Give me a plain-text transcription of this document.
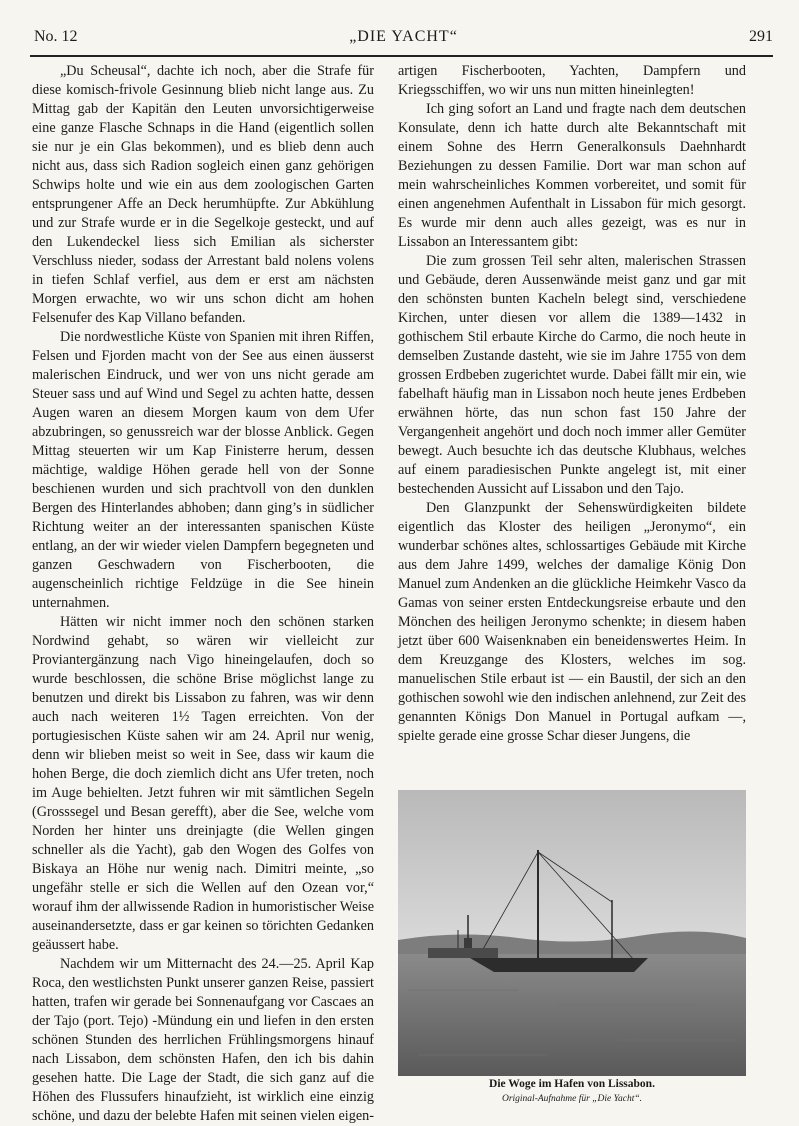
No. 12	„DIE YACHT“	291

„Du Scheusal“, dachte ich noch, aber die Strafe für diese komisch-frivole Gesinnung blieb nicht lange aus. Zu Mittag gab der Kapitän den Leuten unvorsichtigerweise eine ganze Flasche Schnaps in die Hand (eigentlich sollen sie nur je ein Glas bekommen), und es blieb denn auch nicht aus, dass sich Radion sogleich einen ganz gehörigen Schwips holte und wie ein aus dem zoologischen Garten entsprungener Affe an Deck herumhüpfte. Zur Abkühlung und zur Strafe wurde er in die Segelkoje gesteckt, und auf den Lukendeckel liess sich Emilian als sicherster Verschluss nieder, sodass der Arrestant bald nolens volens in tiefen Schlaf verfiel, aus dem er erst am nächsten Morgen erwachte, wo wir uns schon dicht am hohen Felsenufer des Kap Villano befanden.

Die nordwestliche Küste von Spanien mit ihren Riffen, Felsen und Fjorden macht von der See aus einen äusserst malerischen Eindruck, und wer von uns nicht gerade am Steuer sass und auf Wind und Segel zu achten hatte, dessen Augen waren an diesem Morgen kaum von dem Ufer abzubringen, so genussreich war der blosse Anblick. Gegen Mittag steuerten wir um Kap Finisterre herum, dessen mächtige, waldige Höhen gerade hell von der Sonne beschienen wurden und sich prachtvoll von den dunklen Bergen des Hinterlandes abhoben; dann ging’s in südlicher Richtung weiter an der interessanten spanischen Küste entlang, an der wir wieder vielen Dampfern begegneten und ganzen Geschwadern von Fischerbooten, die augenscheinlich richtige Feldzüge in die See hinein unternahmen.

Hätten wir nicht immer noch den schönen starken Nordwind gehabt, so wären wir vielleicht zur Proviantergänzung nach Vigo hineingelaufen, doch so wurde beschlossen, die schöne Brise möglichst lange zu benutzen und direkt bis Lissabon zu fahren, was wir denn auch nach weiteren 1½ Tagen erreichten. Von der portugiesischen Küste sahen wir am 24. April nur wenig, denn wir blieben meist so weit in See, dass wir kaum die hohen Berge, die doch ziemlich dicht ans Ufer treten, noch im Auge behielten. Jetzt fuhren wir mit sämtlichen Segeln (Grosssegel und Besan gerefft), aber die See, welche vom Norden her hinter uns dreinjagte (die Wellen gingen schneller als die Yacht), gab den Wogen des Golfes von Biskaya an Höhe nur wenig nach. Dimitri meinte, „so ungefähr stelle er sich die Wellen auf den Ozean vor,“ worauf ihm der allwissende Radion in humoristischer Weise auseinandersetzte, dass er gar keinen so törichten Gedanken geäussert habe.

Nachdem wir um Mitternacht des 24.—25. April Kap Roca, den westlichsten Punkt unserer ganzen Reise, passiert hatten, trafen wir gerade bei Sonnenaufgang vor Cascaes an der Tajo (port. Tejo) -Mündung ein und liefen in den ersten schönen Stunden des herrlichen Frühlingsmorgens hinauf nach Lissabon, dem schönsten Hafen, den ich bis dahin gesehen hatte. Die Lage der Stadt, die sich ganz auf die Höhen des Flussufers hinaufzieht, ist wirklich eine einzig schöne, und dazu der belebte Hafen mit seinen vielen eigen-

artigen Fischerbooten, Yachten, Dampfern und Kriegsschiffen, wo wir uns nun mitten hineinlegten!

Ich ging sofort an Land und fragte nach dem deutschen Konsulate, denn ich hatte durch alte Bekanntschaft mit einem Sohne des Herrn Generalkonsuls Daehnhardt Beziehungen zu dessen Familie. Dort war man schon auf mein wahrscheinliches Kommen vorbereitet, und somit für einen angenehmen Aufenthalt in Lissabon für mich gesorgt. Es wurde mir denn auch alles gezeigt, was es nur in Lissabon an Interessantem gibt:

Die zum grossen Teil sehr alten, malerischen Strassen und Gebäude, deren Aussenwände meist ganz und gar mit den schönsten bunten Kacheln belegt sind, verschiedene Kirchen, unter diesen vor allem die 1389—1432 in gothischem Stil erbaute Kirche do Carmo, die noch heute in demselben Zustande dasteht, wie sie im Jahre 1755 von dem grossen Erdbeben zugerichtet wurde. Dabei fällt mir ein, wie fabelhaft häufig man in Lissabon noch heute jenes Erdbeben erwähnen hörte, das nun schon fast 150 Jahre der Vergangenheit angehört und doch noch immer aller Gemüter bewegt. Auch besuchte ich das deutsche Klubhaus, welches auf einem paradiesischen Punkte angelegt ist, mit einer bestechenden Aussicht auf Lissabon und den Tajo.

Den Glanzpunkt der Sehenswürdigkeiten bildete eigentlich das Kloster des heiligen „Jeronymo“, ein wunderbar schönes altes, schlossartiges Gebäude mit Kirche aus dem Jahre 1499, welches der damalige König Don Manuel zum Andenken an die glückliche Heimkehr Vasco da Gamas von seiner ersten Entdeckungsreise erbaute und den Mönchen des heiligen Jeronymo schenkte; in diesem haben jetzt über 600 Waisenknaben ein beneidenswertes Heim. In dem Kreuzgange des Klosters, welches im sog. manuelischen Stile erbaut ist — ein Baustil, der sich an den gothischen sowohl wie den indischen anlehnend, zur Zeit des genannten Königs Don Manuel in Portugal aufkam —, spielte gerade eine grosse Schar dieser Jungens, die

Die Woge im Hafen von Lissabon.
Original-Aufnahme für „Die Yacht“.
